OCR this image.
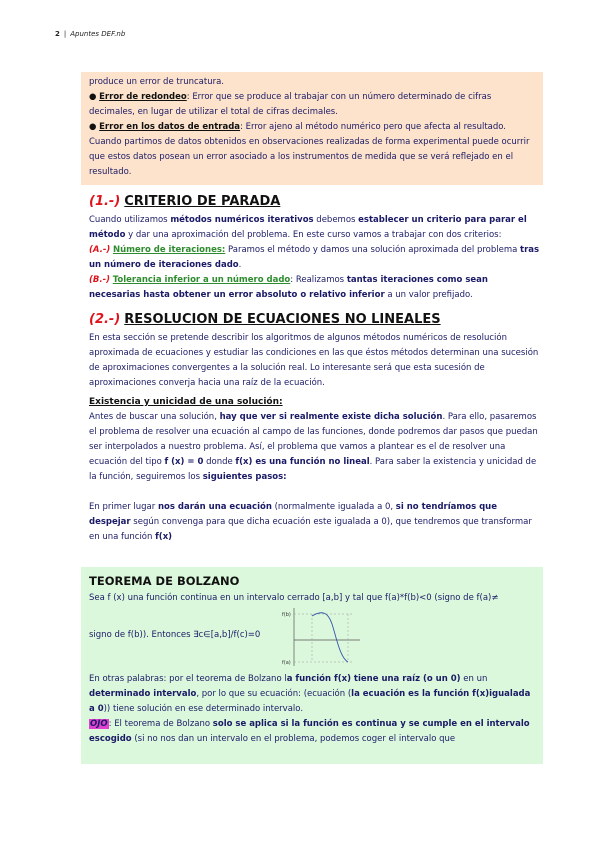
2 | Apuntes DEF.nb

produce un error de truncatura.

● Error de redondeo: Error que se produce al trabajar con un número determinado de cifras decimales, en lugar de utilizar el total de cifras decimales.

● Error en los datos de entrada: Error ajeno al método numérico pero que afecta al resultado. Cuando partimos de datos obtenidos en observaciones realizadas de forma experimental puede ocurrir que estos datos posean un error asociado a los instrumentos de medida que se verá reflejado en el resultado.

(1.-) CRITERIO DE PARADA

Cuando utilizamos métodos numéricos iterativos debemos establecer un criterio para parar el método y dar una aproximación del problema. En este curso vamos a trabajar con dos criterios:

(A.-) Número de iteraciones: Paramos el método y damos una solución aproximada del problema tras un número de iteraciones dado.

(B.-) Tolerancia inferior a un número dado: Realizamos tantas iteraciones como sean necesarias hasta obtener un error absoluto o relativo inferior a un valor prefijado.

(2.-) RESOLUCION DE ECUACIONES NO LINEALES

En esta sección se pretende describir los algoritmos de algunos métodos numéricos de resolución aproximada de ecuaciones y estudiar las condiciones en las que éstos métodos determinan una sucesión de aproximaciones convergentes a la solución real. Lo interesante será que esta sucesión de aproximaciones converja hacia una raíz de la ecuación.

Existencia y unicidad de una solución:

Antes de buscar una solución, hay que ver si realmente existe dicha solución. Para ello, pasaremos el problema de resolver una ecuación al campo de las funciones, donde podremos dar pasos que puedan ser interpolados a nuestro problema. Así, el problema que vamos a plantear es el de resolver una ecuación del tipo f (x) = 0 donde f(x) es una función no lineal. Para saber la existencia y unicidad de la función, seguiremos los siguientes pasos:

En primer lugar nos darán una ecuación (normalmente igualada a 0, si no tendríamos que despejar según convenga para que dicha ecuación este igualada a 0), que tendremos que transformar en una función f(x)

TEOREMA DE BOLZANO

Sea f (x) una función continua en un intervalo cerrado [a,b] y tal que f(a)*f(b)<0 (signo de f(a)≠

signo de f(b)). Entonces ∃c∈[a,b]/f(c)=0

f(b)
f(a)

En otras palabras: por el teorema de Bolzano la función f(x) tiene una raíz (o un 0) en un determinado intervalo, por lo que su ecuación: (ecuación (la ecuación es la función f(x)igualada a 0)) tiene solución en ese determinado intervalo.

OJO: El teorema de Bolzano solo se aplica si la función es continua y se cumple en el intervalo escogido (si no nos dan un intervalo en el problema, podemos coger el intervalo que
